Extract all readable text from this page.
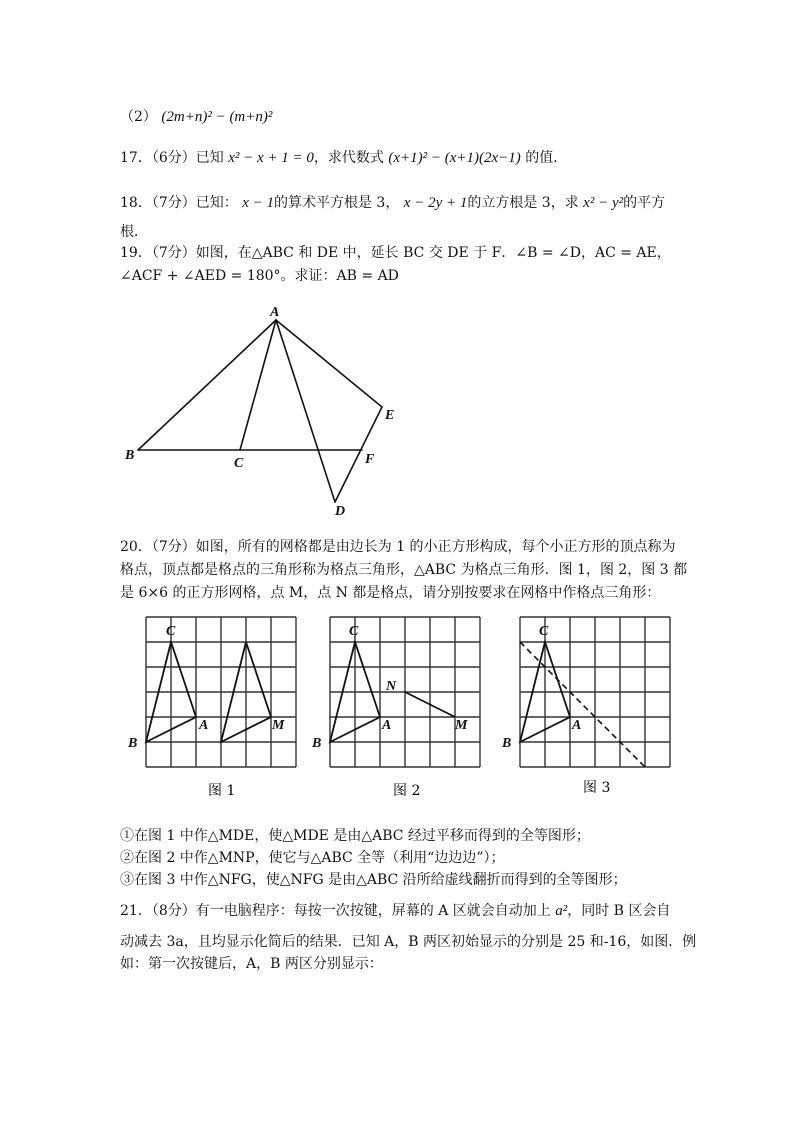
（2） (2m+n)² − (m+n)²
17．（6分）已知 x² − x + 1 = 0，求代数式 (x+1)² − (x+1)(2x−1) 的值．
18．（7分）已知： x − 1的算术平方根是 3， x − 2y + 1的立方根是 3，求 x² − y²的平方
根．
19．（7分）如图，在△ABC 和 DE 中，延长 BC 交 DE 于 F．∠B = ∠D，AC = AE，
∠ACF + ∠AED = 180°。求证：AB = AD
A
B
C
D
E
F
20．（7分）如图，所有的网格都是由边长为 1 的小正方形构成，每个小正方形的顶点称为
格点，顶点都是格点的三角形称为格点三角形，△ABC 为格点三角形．图 1，图 2，图 3 都
是 6×6 的正方形网格，点 M，点 N 都是格点，请分别按要求在网格中作格点三角形：
C
A
B
M
图 1
C
N
A	M
B
图 2
C
A
B
图 3
①在图 1 中作△MDE，使△MDE 是由△ABC 经过平移而得到的全等图形；
②在图 2 中作△MNP，使它与△ABC 全等（利用“边边边”）；
③在图 3 中作△NFG，使△NFG 是由△ABC 沿所给虚线翻折而得到的全等图形；
21．（8分）有一电脑程序：每按一次按键，屏幕的 A 区就会自动加上 a²，同时 B 区会自
动减去 3a，且均显示化简后的结果．已知 A，B 两区初始显示的分别是 25 和-16，如图．例
如：第一次按键后，A，B 两区分别显示：
